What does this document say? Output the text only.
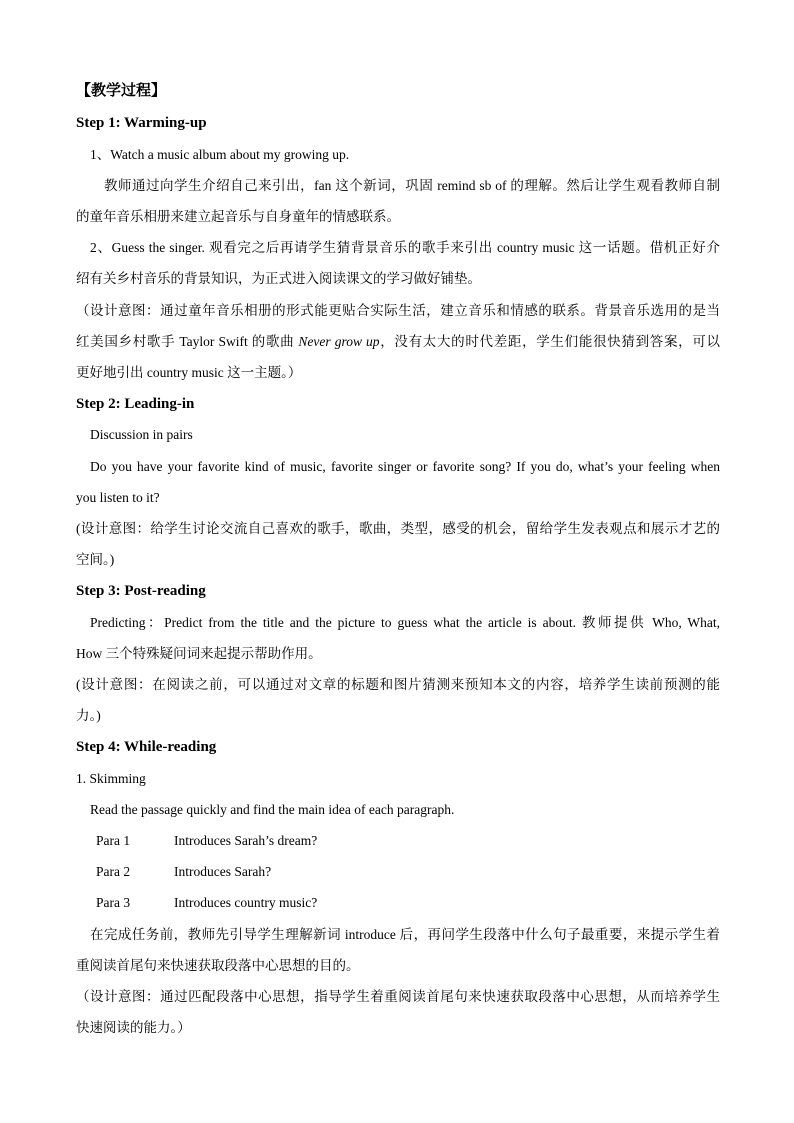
【教学过程】
Step 1: Warming-up
1、Watch a music album about my growing up.
教师通过向学生介绍自己来引出，fan 这个新词，巩固 remind sb of 的理解。然后让学生观看教师自制
的童年音乐相册来建立起音乐与自身童年的情感联系。
2、Guess the singer. 观看完之后再请学生猜背景音乐的歌手来引出 country music 这一话题。借机正好介
绍有关乡村音乐的背景知识，为正式进入阅读课文的学习做好铺垫。
（设计意图：通过童年音乐相册的形式能更贴合实际生活，建立音乐和情感的联系。背景音乐选用的是当
红美国乡村歌手 Taylor Swift 的歌曲 Never grow up，没有太大的时代差距，学生们能很快猜到答案，可以
更好地引出 country music 这一主题。）
Step 2: Leading-in
Discussion in pairs
Do you have your favorite kind of music, favorite singer or favorite song? If you do, what’s your feeling when
you listen to it?
(设计意图：给学生讨论交流自己喜欢的歌手，歌曲，类型，感受的机会，留给学生发表观点和展示才艺的
空间。)
Step 3: Post-reading
Predicting：Predict from the title and the picture to guess what the article is about. 教师提供 Who, What,
How 三个特殊疑问词来起提示帮助作用。
(设计意图：在阅读之前，可以通过对文章的标题和图片猜测来预知本文的内容，培养学生读前预测的能
力。)
Step 4: While-reading
1. Skimming
Read the passage quickly and find the main idea of each paragraph.
Para 1	Introduces Sarah’s dream?
Para 2	Introduces Sarah?
Para 3	Introduces country music?
在完成任务前，教师先引导学生理解新词 introduce 后，再问学生段落中什么句子最重要，来提示学生着
重阅读首尾句来快速获取段落中心思想的目的。
（设计意图：通过匹配段落中心思想，指导学生着重阅读首尾句来快速获取段落中心思想，从而培养学生
快速阅读的能力。）
